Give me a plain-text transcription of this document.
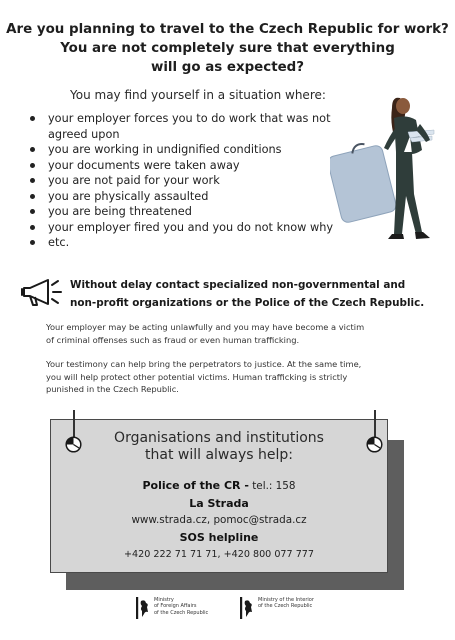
Are you planning to travel to the Czech Republic for work?
You are not completely sure that everything
will go as expected?
You may find yourself in a situation where:
your employer forces you to do work that was not
agreed upon
you are working in undignified conditions
your documents were taken away
you are not paid for your work
you are physically assaulted
you are being threatened
your employer fired you and you do not know why
etc.
Without delay contact specialized non-governmental and
non-profit organizations or the Police of the Czech Republic.
Your employer may be acting unlawfully and you may have become a victim
of criminal offenses such as fraud or even human trafficking.
Your testimony can help bring the perpetrators to justice. At the same time,
you will help protect other potential victims. Human trafficking is strictly
punished in the Czech Republic.
Organisations and institutions
that will always help:
Police of the CR - tel.: 158
La Strada
www.strada.cz, pomoc@strada.cz
SOS helpline
+420 222 71 71 71, +420 800 077 777
Ministry
of Foreign Affairs
of the Czech Republic
Ministry of the Interior
of the Czech Republic
